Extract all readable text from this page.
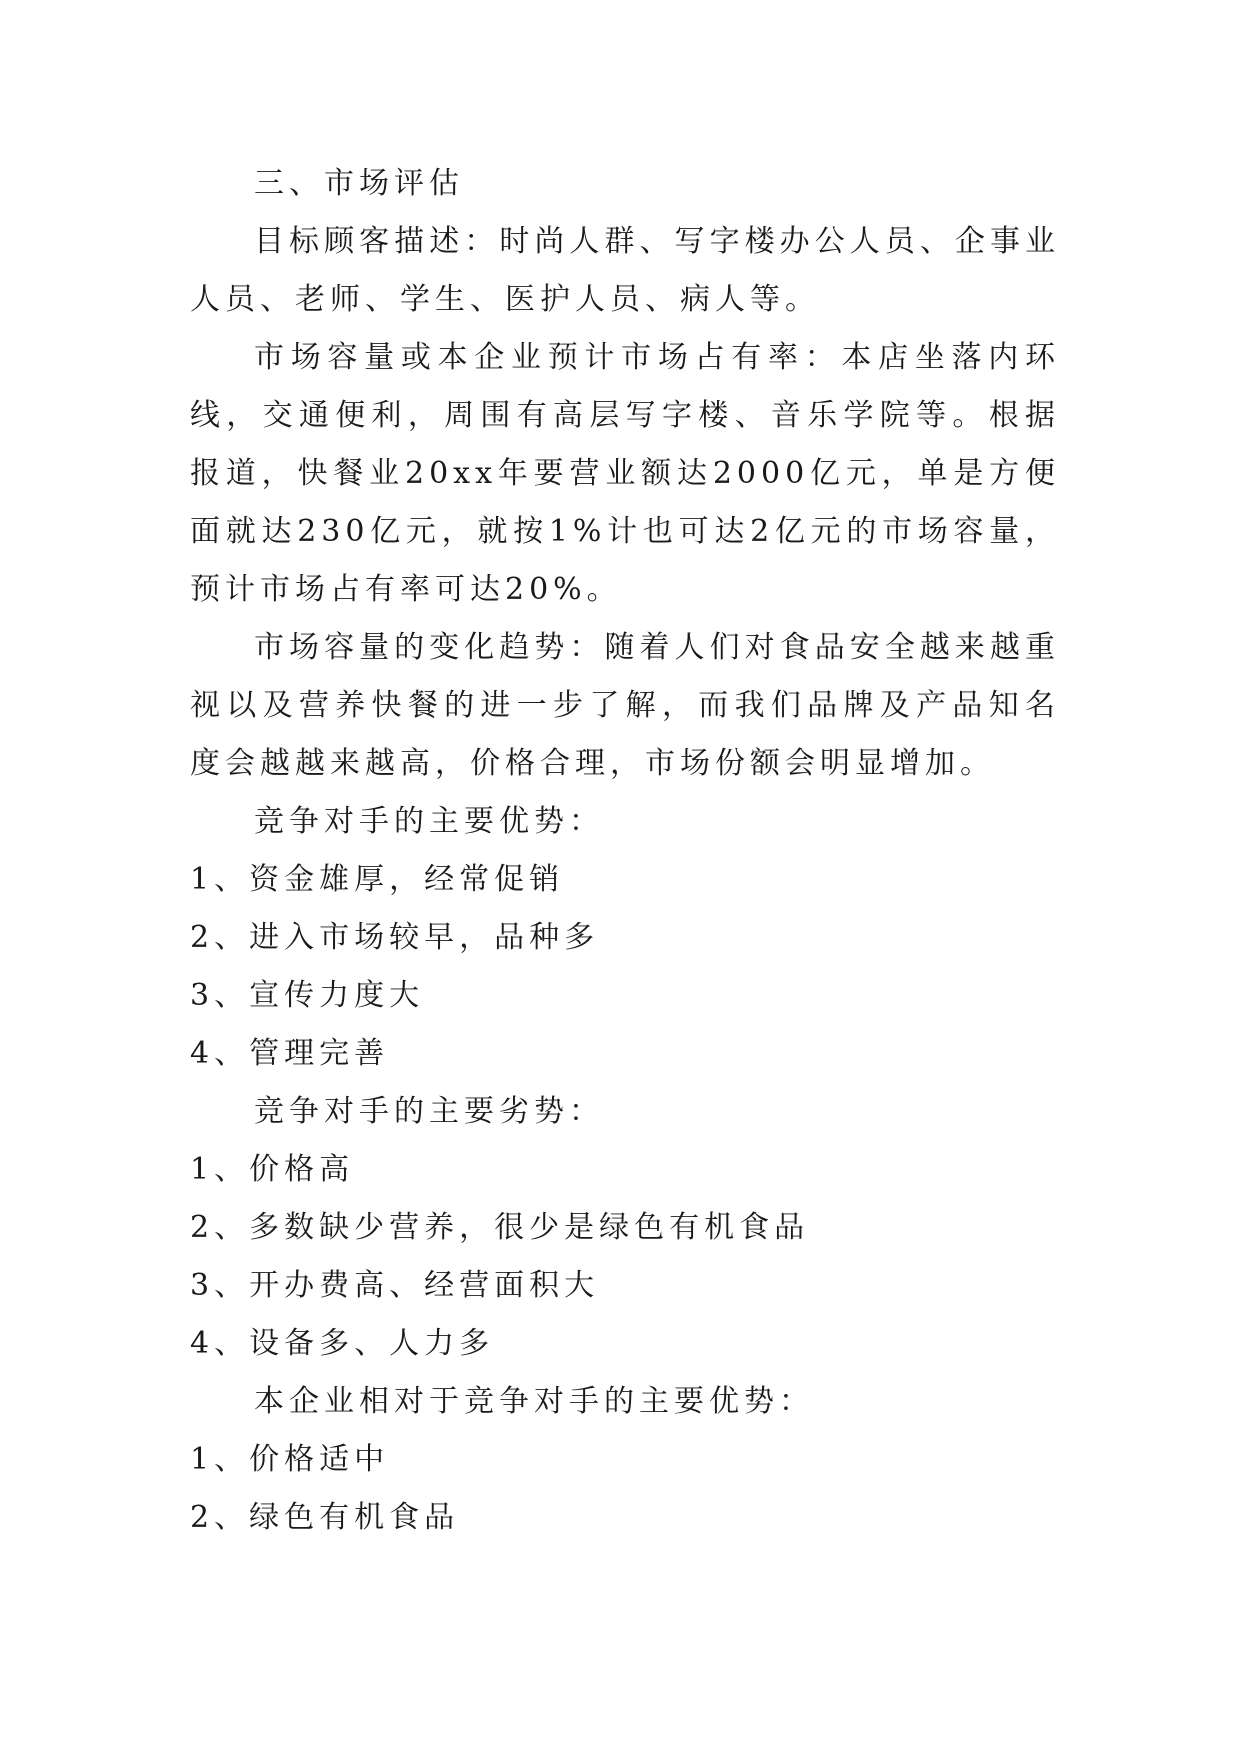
三、市场评估

目标顾客描述：时尚人群、写字楼办公人员、企事业人员、老师、学生、医护人员、病人等。

市场容量或本企业预计市场占有率：本店坐落内环线，交通便利，周围有高层写字楼、音乐学院等。根据报道，快餐业20xx年要营业额达2000亿元，单是方便面就达230亿元，就按1%计也可达2亿元的市场容量，预计市场占有率可达20%。

市场容量的变化趋势：随着人们对食品安全越来越重视以及营养快餐的进一步了解，而我们品牌及产品知名度会越越来越高，价格合理，市场份额会明显增加。

竞争对手的主要优势：

1、资金雄厚，经常促销

2、进入市场较早，品种多

3、宣传力度大

4、管理完善

竞争对手的主要劣势：

1、价格高

2、多数缺少营养，很少是绿色有机食品

3、开办费高、经营面积大

4、设备多、人力多

本企业相对于竞争对手的主要优势：

1、价格适中

2、绿色有机食品
